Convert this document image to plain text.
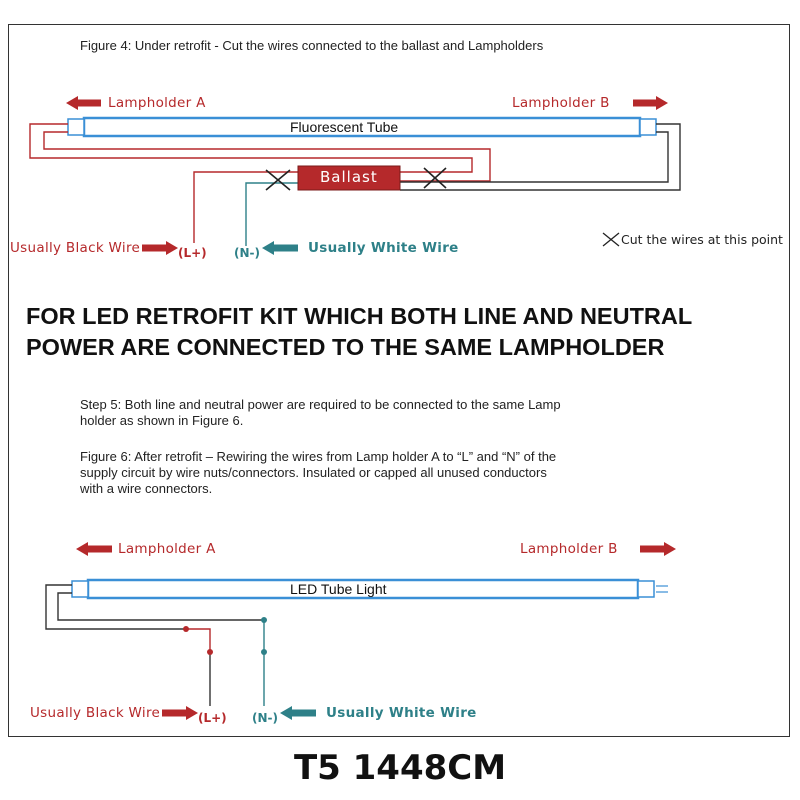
Figure 4: Under retrofit - Cut the wires connected to the ballast and Lampholders
Lampholder A	Lampholder B
Fluorescent Tube
Ballast
Usually Black Wire	(L+) (N-)	Usually White Wire
Cut the wires at this point
FOR LED RETROFIT KIT WHICH BOTH LINE AND NEUTRAL
POWER ARE CONNECTED TO THE SAME LAMPHOLDER
Step 5: Both line and neutral power are required to be connected to the same Lamp
holder as shown in Figure 6.
Figure 6: After retrofit – Rewiring the wires from Lamp holder A to “L” and “N” of the
supply circuit by wire nuts/connectors. Insulated or capped all unused conductors
with a wire connectors.
Lampholder A	Lampholder B
LED Tube Light
Usually Black Wire	(L+) (N-)	Usually White Wire
T5 1448CM
